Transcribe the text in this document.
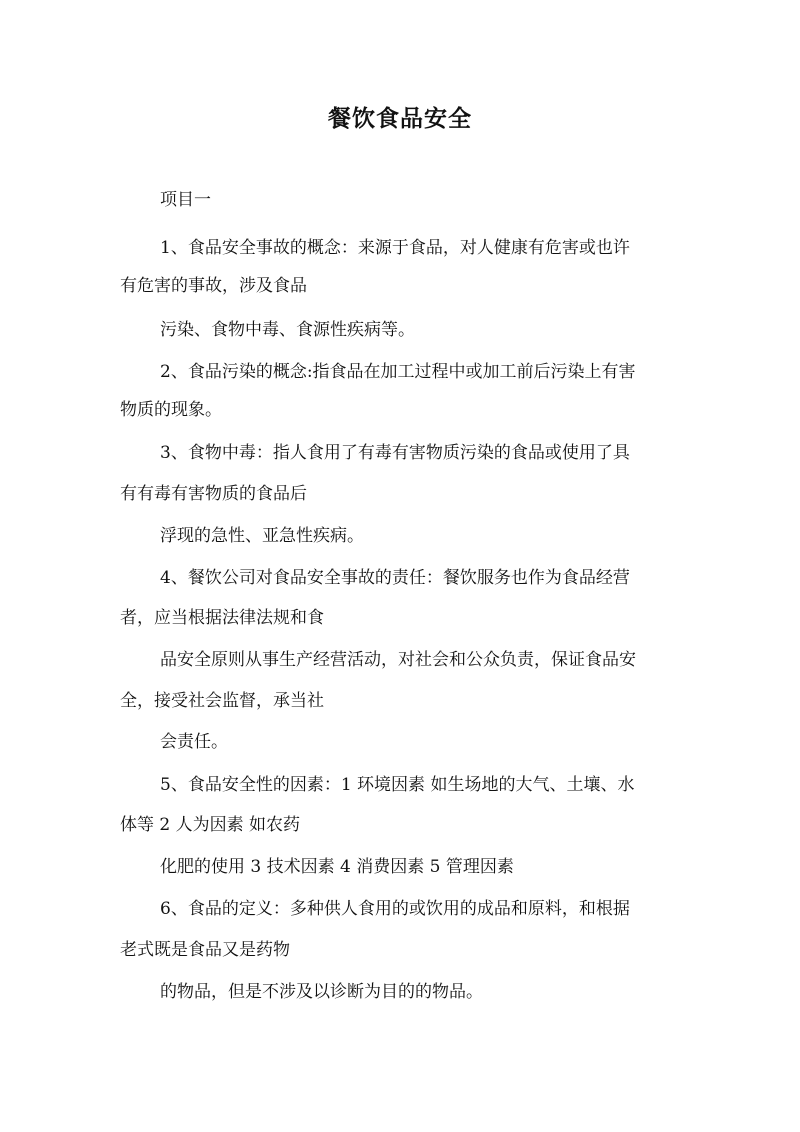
餐饮食品安全

项目一

1、食品安全事故的概念：来源于食品，对人健康有危害或也许

有危害的事故，涉及食品

污染、食物中毒、食源性疾病等。

2、食品污染的概念:指食品在加工过程中或加工前后污染上有害

物质的现象。

3、食物中毒：指人食用了有毒有害物质污染的食品或使用了具

有有毒有害物质的食品后

浮现的急性、亚急性疾病。

4、餐饮公司对食品安全事故的责任：餐饮服务也作为食品经营

者，应当根据法律法规和食

品安全原则从事生产经营活动，对社会和公众负责，保证食品安

全，接受社会监督，承当社

会责任。

5、食品安全性的因素：1 环境因素 如生场地的大气、土壤、水

体等 2 人为因素 如农药

化肥的使用 3 技术因素 4 消费因素 5 管理因素

6、食品的定义：多种供人食用的或饮用的成品和原料，和根据

老式既是食品又是药物

的物品，但是不涉及以诊断为目的的物品。
